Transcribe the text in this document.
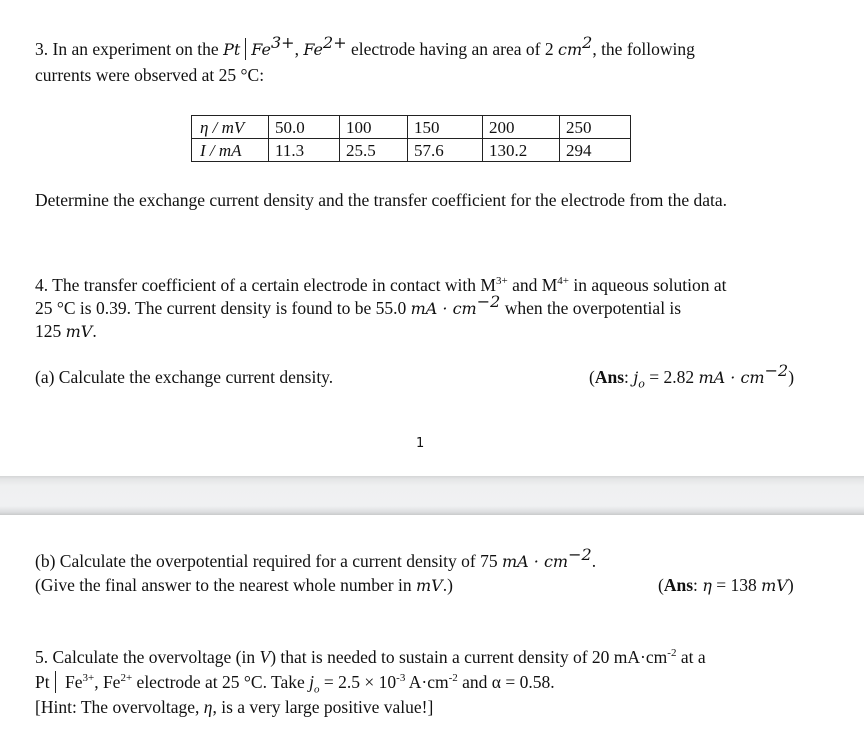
3. In an experiment on the Pt $Fe^{3+}$, $Fe^{2+}$ electrode having an area of 2 $cm^2$, the following
currents were observed at 25 °C:
η / mV	50.0	100	150	200	250
I / mA	11.3	25.5	57.6	130.2	294
Determine the exchange current density and the transfer coefficient for the electrode from the data.
4. The transfer coefficient of a certain electrode in contact with $M^{3+}$ and $M^{4+}$ in aqueous solution at
25 °C is 0.39. The current density is found to be 55.0 mA · $cm^{-2}$ when the overpotential is
125 mV.
(a) Calculate the exchange current density.	(Ans: $j_o = 2.82$ mA · $cm^{-2}$)
1
(b) Calculate the overpotential required for a current density of 75 mA · $cm^{-2}$.
(Give the final answer to the nearest whole number in mV.)	(Ans: η = 138 mV)
5. Calculate the overvoltage (in V) that is needed to sustain a current density of 20 $mA\cdot cm^{-2}$ at a
Pt $Fe^{3+}$, $Fe^{2+}$ electrode at 25 °C. Take $j_o = 2.5 \times 10^{-3}$ $A\cdot cm^{-2}$ and α = 0.58.
[Hint: The overvoltage, η, is a very large positive value!]
